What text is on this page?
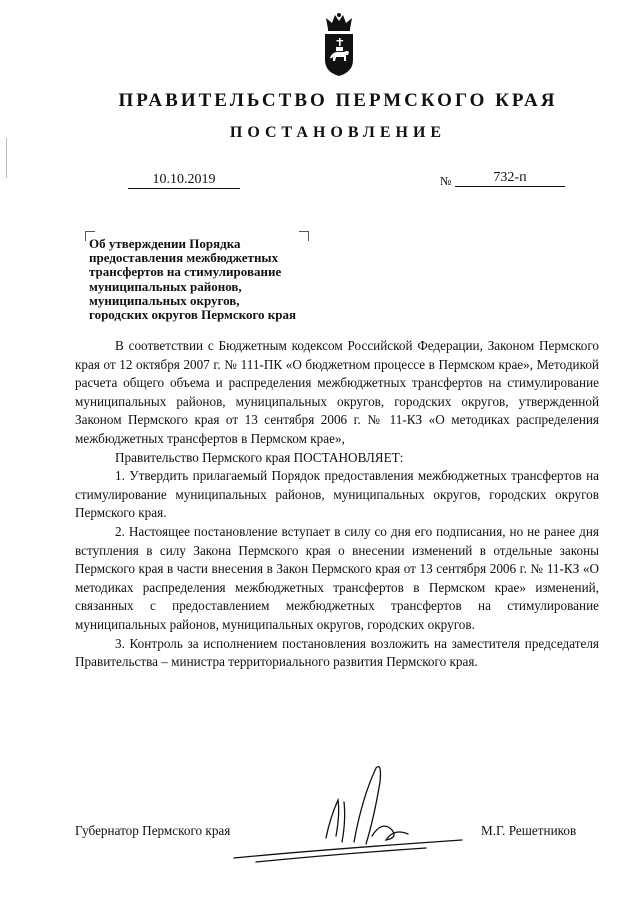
ПРАВИТЕЛЬСТВО ПЕРМСКОГО КРАЯ
ПОСТАНОВЛЕНИЕ
10.10.2019	№	732-п
Об утверждении Порядка
предоставления межбюджетных
трансфертов на стимулирование
муниципальных районов,
муниципальных округов,
городских округов Пермского края

В соответствии с Бюджетным кодексом Российской Федерации, Законом Пермского края от 12 октября 2007 г. № 111-ПК «О бюджетном процессе в Пермском крае», Методикой расчета общего объема и распределения межбюджетных трансфертов на стимулирование муниципальных районов, муниципальных округов, городских округов, утвержденной Законом Пермского края от 13 сентября 2006 г. № 11-КЗ «О методиках распределения межбюджетных трансфертов в Пермском крае»,

Правительство Пермского края ПОСТАНОВЛЯЕТ:

1. Утвердить прилагаемый Порядок предоставления межбюджетных трансфертов на стимулирование муниципальных районов, муниципальных округов, городских округов Пермского края.

2. Настоящее постановление вступает в силу со дня его подписания, но не ранее дня вступления в силу Закона Пермского края о внесении изменений в отдельные законы Пермского края в части внесения в Закон Пермского края от 13 сентября 2006 г. № 11-КЗ «О методиках распределения межбюджетных трансфертов в Пермском крае» изменений, связанных с предоставлением межбюджетных трансфертов на стимулирование муниципальных районов, муниципальных округов, городских округов.

3. Контроль за исполнением постановления возложить на заместителя председателя Правительства – министра территориального развития Пермского края.

Губернатор Пермского края	М.Г. Решетников
